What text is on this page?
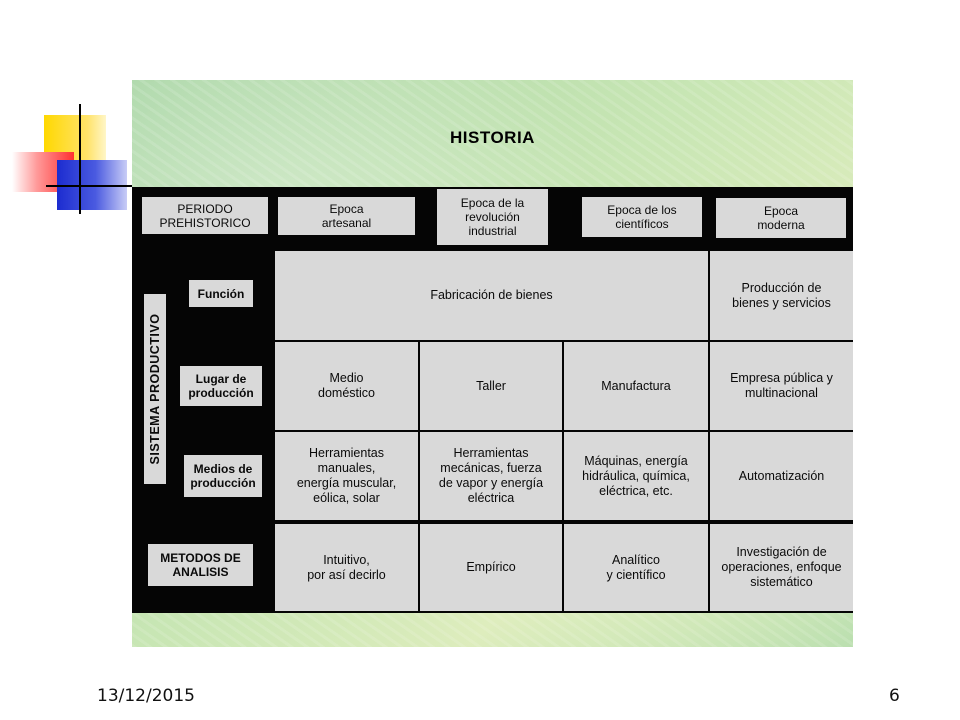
HISTORIA
PERIODO
PREHISTORICO
Epoca
artesanal
Epoca de la
revolución
industrial
Epoca de los
científicos
Epoca
moderna
SISTEMA PRODUCTIVO
Función
Lugar de
producción
Medios de
producción
METODOS DE
ANALISIS
Fabricación de bienes
Producción de
bienes y servicios
Medio
doméstico
Taller	Manufactura
Empresa pública y
multinacional
Herramientas
manuales,
energía muscular,
eólica, solar
Herramientas
mecánicas, fuerza
de vapor y energía
eléctrica
Máquinas, energía
hidráulica, química,
eléctrica, etc.
Automatización
Intuitivo,
por así decirlo
Empírico
Analítico
y científico
Investigación de
operaciones, enfoque
sistemático
13/12/2015	6
